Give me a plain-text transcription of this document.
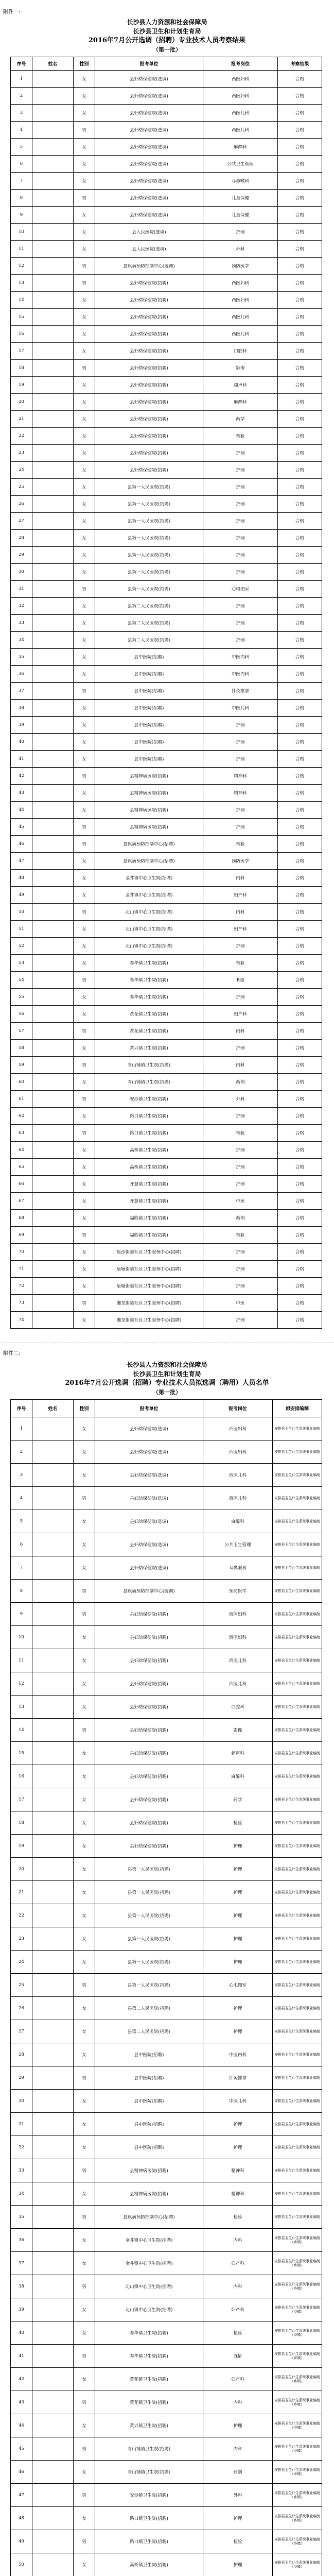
附件一:
长沙县人力资源和社会保障局
长沙县卫生和计划生育局
2016年7月公开选调（招聘）专业技术人员考察结果
（第一批）
序号	姓名	性别	报考单位	报考岗位	考察结果
1		女	县妇幼保健院(选调)	西医妇科	合格
2		女	县妇幼保健院(选调)	西医妇科	合格
3		女	县妇幼保健院(选调)	西医儿科	合格
4		男	县妇幼保健院(选调)	西医儿科	合格
5		女	县妇幼保健院(选调)	麻醉科	合格
6		女	县妇幼保健院(选调)	公共卫生管理	合格
7		女	县妇幼保健院(选调)	耳鼻喉科	合格
8		男	县妇幼保健院(选调)	儿童保健	合格
9		女	县妇幼保健院(选调)	儿童保健	合格
10		女	县人民医院(选调)	护理	合格
11		女	县人民医院(选调)	外科	合格
12		男	县疾病预防控制中心(选调)	预防医学	合格
13		男	县妇幼保健院(招聘)	西医妇科	合格
14		女	县妇幼保健院(招聘)	西医妇科	合格
15		女	县妇幼保健院(招聘)	西医儿科	合格
16		女	县妇幼保健院(招聘)	西医儿科	合格
17		女	县妇幼保健院(招聘)	口腔科	合格
18		男	县妇幼保健院(招聘)	影像	合格
19		女	县妇幼保健院(招聘)	超声科	合格
20		女	县妇幼保健院(招聘)	麻醉科	合格
21		女	县妇幼保健院(招聘)	药学	合格
22		女	县妇幼保健院(招聘)	检验	合格
23		女	县妇幼保健院(招聘)	护理	合格
24		女	县妇幼保健院(招聘)	护理	合格
25		女	县第一人民医院(招聘)	护理	合格
26		女	县第一人民医院(招聘)	护理	合格
27		女	县第一人民医院(招聘)	护理	合格
28		女	县第一人民医院(招聘)	护理	合格
29		女	县第一人民医院(招聘)	护理	合格
30		女	县第一人民医院(招聘)	护理	合格
31		男	县第一人民医院(招聘)	心电图室	合格
32		女	县第二人民医院(招聘)	护理	合格
33		女	县第二人民医院(招聘)	护理	合格
34		女	县第二人民医院(招聘)	护理	合格
35		女	县中医院(招聘)	中医内科	合格
36		女	县中医院(招聘)	中医内科	合格
37		男	县中医院(招聘)	针灸推拿	合格
38		女	县中医院(招聘)	中医儿科	合格
39		女	县中医院(招聘)	护理	合格
40		女	县中医院(招聘)	护理	合格
41		女	县中医院(招聘)	护理	合格
42		男	县精神病医院(招聘)	精神科	合格
43		女	县精神病医院(招聘)	精神科	合格
44		女	县精神病医院(招聘)	护理	合格
45		男	县精神病医院(招聘)	护理	合格
46		男	县疾病预防控制中心(招聘)	检验	合格
47		女	县疾病预防控制中心(招聘)	预防医学	合格
48		女	金井镇中心卫生院(招聘)	内科	合格
49		女	金井镇中心卫生院(招聘)	妇产科	合格
50		男	北山镇中心卫生院(招聘)	内科	合格
51		女	北山镇中心卫生院(招聘)	妇产科	合格
52		女	北山镇中心卫生院(招聘)	护理	合格
53		女	春华镇卫生院(招聘)	检验	合格
54		男	春华镇卫生院(招聘)	B超	合格
55		女	春华镇卫生院(招聘)	护理	合格
56		女	黄花镇卫生院(招聘)	妇产科	合格
57		男	黄花镇卫生院(招聘)	内科	合格
58		女	黄兴镇卫生院(招聘)	护理	合格
59		男	青山铺镇卫生院(招聘)	内科	合格
60		女	青山铺镇卫生院(招聘)	药剂	合格
61		男	安沙镇卫生院(招聘)	外科	合格
62		女	路口镇卫生院(招聘)	护理	合格
63		男	路口镇卫生院(招聘)	检验	合格
64		女	高桥镇卫生院(招聘)	护理	合格
65		女	高桥镇卫生院(招聘)	护理	合格
66		女	开慧镇卫生院(招聘)	护理	合格
67		女	开慧镇卫生院(招聘)	中医	合格
68		女	福临镇卫生院(招聘)	药剂	合格
69		男	福临镇卫生院(招聘)	检验	合格
70		女	星沙街道社区卫生服务中心(招聘)	护理	合格
71		女	泉塘街道社区卫生服务中心(招聘)	护理	合格
72		女	泉塘街道社区卫生服务中心(招聘)	护理	合格
73		男	湘龙街道社区卫生服务中心(招聘)	中医	合格
74		女	湘龙街道社区卫生服务中心(招聘)	护理	合格
附件二:
长沙县人力资源和社会保障局
长沙县卫生和计划生育局
2016年7月公开选调（招聘）专业技术人员拟选调（聘用）人员名单
（第一批）
序号	姓名	性别	报考单位	报考岗位	拟安排编制
1		女	县妇幼保健院(选调)	西医妇科	安排县卫生计生系统事业编制
2		女	县妇幼保健院(选调)	西医妇科	安排县卫生计生系统事业编制
3		女	县妇幼保健院(选调)	西医儿科	安排县卫生计生系统事业编制
4		男	县妇幼保健院(选调)	西医儿科	安排县卫生计生系统事业编制
5		女	县妇幼保健院(选调)	麻醉科	安排县卫生计生系统事业编制
6		女	县妇幼保健院(选调)	公共卫生管理	安排县卫生计生系统事业编制
7		女	县妇幼保健院(选调)	耳鼻喉科	安排县卫生计生系统事业编制
8		男	县疾病预防控制中心(选调)	预防医学	安排县卫生计生系统事业编制
9		男	县妇幼保健院(招聘)	西医妇科	安排县卫生计生系统事业编制
10		女	县妇幼保健院(招聘)	西医妇科	安排县卫生计生系统事业编制
11		女	县妇幼保健院(招聘)	西医儿科	安排县卫生计生系统事业编制
12		女	县妇幼保健院(招聘)	西医儿科	安排县卫生计生系统事业编制
13		女	县妇幼保健院(招聘)	口腔科	安排县卫生计生系统事业编制
14		男	县妇幼保健院(招聘)	影像	安排县卫生计生系统事业编制
15		女	县妇幼保健院(招聘)	超声科	安排县卫生计生系统事业编制
16		女	县妇幼保健院(招聘)	麻醉科	安排县卫生计生系统事业编制
17		女	县妇幼保健院(招聘)	药学	安排县卫生计生系统事业编制
18		女	县妇幼保健院(招聘)	检验	安排县卫生计生系统事业编制
19		女	县妇幼保健院(招聘)	护理	安排县卫生计生系统事业编制
20		女	县第一人民医院(招聘)	护理	安排县卫生计生系统事业编制
21		女	县第一人民医院(招聘)	护理	安排县卫生计生系统事业编制
22		女	县第一人民医院(招聘)	护理	安排县卫生计生系统事业编制
23		女	县第一人民医院(招聘)	护理	安排县卫生计生系统事业编制
24		女	县第一人民医院(招聘)	护理	安排县卫生计生系统事业编制
25		男	县第一人民医院(招聘)	心电图室	安排县卫生计生系统事业编制
26		女	县第二人民医院(招聘)	护理	安排县卫生计生系统事业编制
27		女	县第二人民医院(招聘)	护理	安排县卫生计生系统事业编制
28		女	县中医院(招聘)	中医内科	安排县卫生计生系统事业编制
29		男	县中医院(招聘)	针灸推拿	安排县卫生计生系统事业编制
30		女	县中医院(招聘)	中医儿科	安排县卫生计生系统事业编制
31		女	县中医院(招聘)	护理	安排县卫生计生系统事业编制
32		女	县中医院(招聘)	护理	安排县卫生计生系统事业编制
33		男	县精神病医院(招聘)	精神科	安排县卫生计生系统事业编制
34		女	县精神病医院(招聘)	精神科	安排县卫生计生系统事业编制
35		男	县疾病预防控制中心(招聘)	检验	安排县卫生计生系统事业编制
36		女	金井镇中心卫生院(招聘)	内科	安排县卫生计生系统事业编制（乡镇）
37		女	金井镇中心卫生院(招聘)	妇产科	安排县卫生计生系统事业编制（乡镇）
38		男	北山镇中心卫生院(招聘)	内科	安排县卫生计生系统事业编制（乡镇）
39		女	北山镇中心卫生院(招聘)	妇产科	安排县卫生计生系统事业编制（乡镇）
40		女	春华镇卫生院(招聘)	检验	安排县卫生计生系统事业编制（乡镇）
41		男	春华镇卫生院(招聘)	B超	安排县卫生计生系统事业编制（乡镇）
42		女	黄花镇卫生院(招聘)	妇产科	安排县卫生计生系统事业编制（乡镇）
43		男	黄花镇卫生院(招聘)	内科	安排县卫生计生系统事业编制（乡镇）
44		女	黄兴镇卫生院(招聘)	护理	安排县卫生计生系统事业编制（乡镇）
45		男	青山铺镇卫生院(招聘)	内科	安排县卫生计生系统事业编制（乡镇）
46		女	青山铺镇卫生院(招聘)	药剂	安排县卫生计生系统事业编制（乡镇）
47		男	安沙镇卫生院(招聘)	外科	安排县卫生计生系统事业编制（乡镇）
48		女	路口镇卫生院(招聘)	护理	安排县卫生计生系统事业编制（乡镇）
49		男	路口镇卫生院(招聘)	检验	安排县卫生计生系统事业编制（乡镇）
50		女	高桥镇卫生院(招聘)	护理	安排县卫生计生系统事业编制（乡镇）
